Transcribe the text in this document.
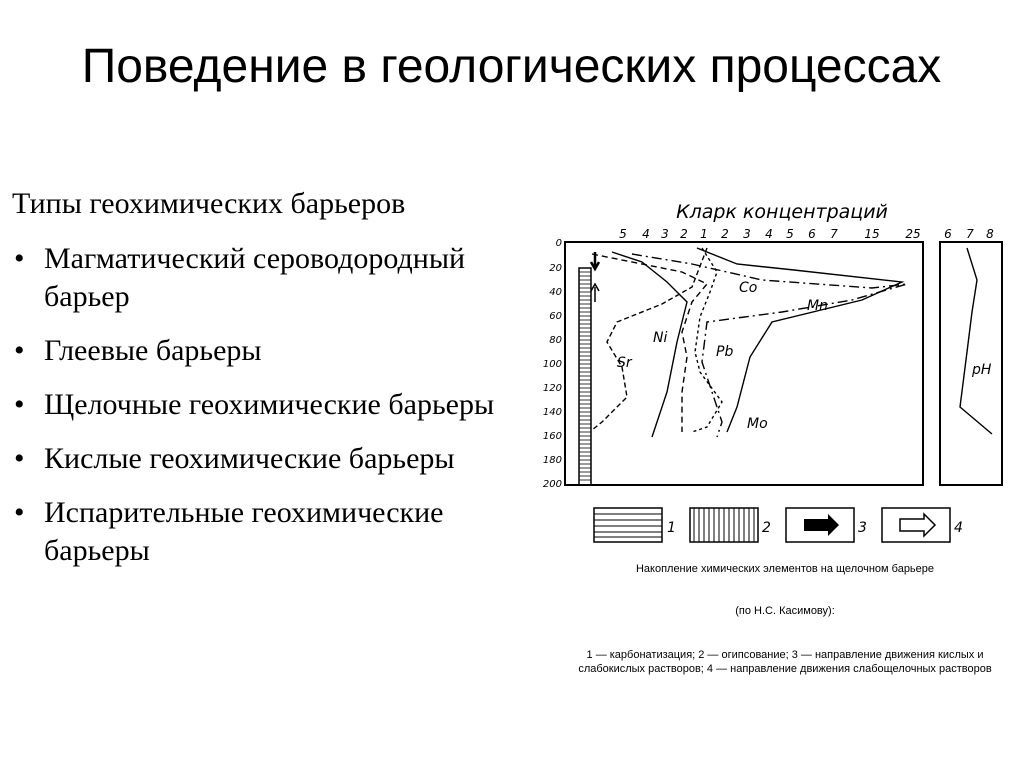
Поведение в геологических процессах
Типы геохимических барьеров
• Магматический сероводородный барьер
• Глеевые барьеры
• Щелочные геохимические барьеры
• Кислые геохимические барьеры
• Испарительные геохимические барьеры
Кларк концентраций
5 4 3 2 1 2 3 4 5 6 7 15 25 6 7 8
0
20
40
60
80
100
120
140
160
180
200
Co
Mn
Ni
Pb
Sr
Mo
pH
1	2	3	4
Накопление химических элементов на щелочном барьере
(по Н.С. Касимову):
1 — карбонатизация; 2 — огипсование; 3 — направление движения кислых и слабокислых растворов; 4 — направление движения слабощелочных растворов
